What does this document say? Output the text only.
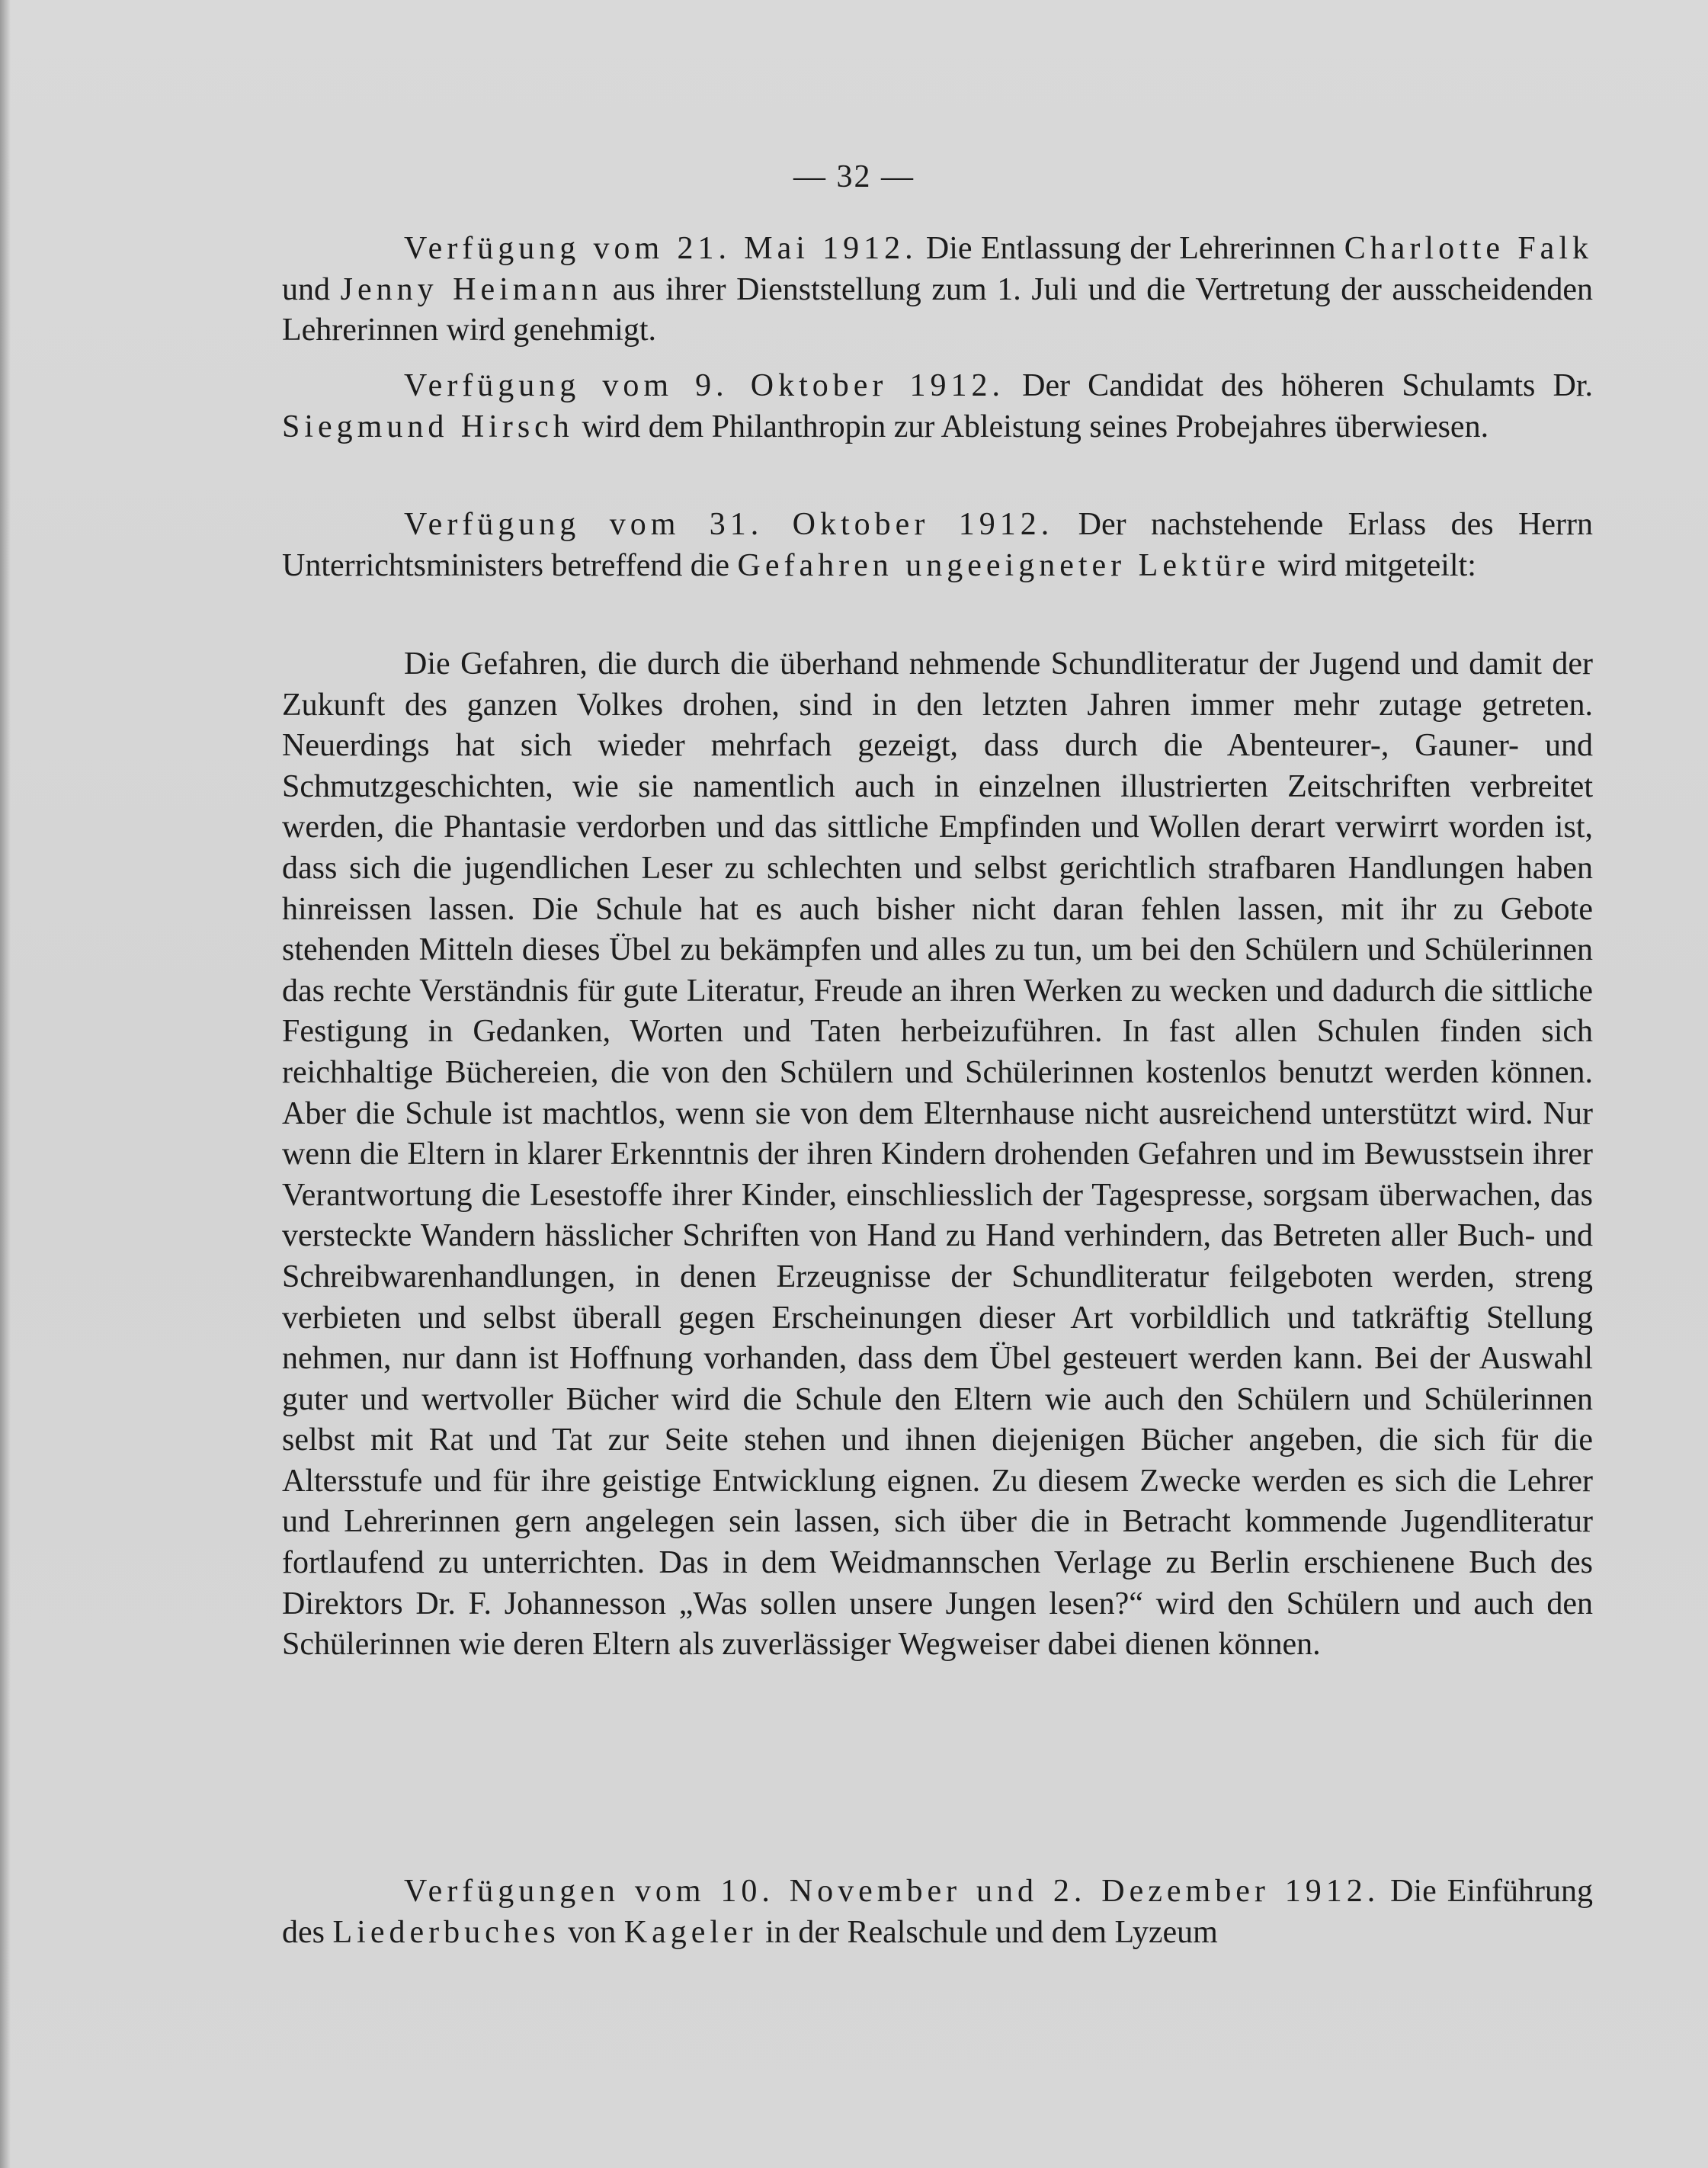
— 32 —

Verfügung vom 21. Mai 1912. Die Entlassung der Lehrerinnen Charlotte Falk und Jenny Heimann aus ihrer Dienststellung zum 1. Juli und die Vertretung der ausscheidenden Lehrerinnen wird genehmigt.

Verfügung vom 9. Oktober 1912. Der Candidat des höheren Schulamts Dr. Siegmund Hirsch wird dem Philanthropin zur Ableistung seines Probejahres überwiesen.

Verfügung vom 31. Oktober 1912. Der nachstehende Erlass des Herrn Unterrichtsministers betreffend die Gefahren ungeeigneter Lektüre wird mitgeteilt:

Die Gefahren, die durch die überhand nehmende Schundliteratur der Jugend und damit der Zukunft des ganzen Volkes drohen, sind in den letzten Jahren immer mehr zutage getreten. Neuerdings hat sich wieder mehrfach gezeigt, dass durch die Abenteurer-, Gauner- und Schmutzgeschichten, wie sie namentlich auch in einzelnen illustrierten Zeitschriften verbreitet werden, die Phantasie verdorben und das sittliche Empfinden und Wollen derart verwirrt worden ist, dass sich die jugendlichen Leser zu schlechten und selbst gerichtlich strafbaren Handlungen haben hinreissen lassen. Die Schule hat es auch bisher nicht daran fehlen lassen, mit ihr zu Gebote stehenden Mitteln dieses Übel zu bekämpfen und alles zu tun, um bei den Schülern und Schülerinnen das rechte Verständnis für gute Literatur, Freude an ihren Werken zu wecken und dadurch die sittliche Festigung in Gedanken, Worten und Taten herbeizuführen. In fast allen Schulen finden sich reichhaltige Büchereien, die von den Schülern und Schülerinnen kostenlos benutzt werden können. Aber die Schule ist machtlos, wenn sie von dem Elternhause nicht ausreichend unterstützt wird. Nur wenn die Eltern in klarer Erkenntnis der ihren Kindern drohenden Gefahren und im Bewusstsein ihrer Verantwortung die Lesestoffe ihrer Kinder, einschliesslich der Tagespresse, sorgsam überwachen, das versteckte Wandern hässlicher Schriften von Hand zu Hand verhindern, das Betreten aller Buch- und Schreibwarenhandlungen, in denen Erzeugnisse der Schundliteratur feilgeboten werden, streng verbieten und selbst überall gegen Erscheinungen dieser Art vorbildlich und tatkräftig Stellung nehmen, nur dann ist Hoffnung vorhanden, dass dem Übel gesteuert werden kann. Bei der Auswahl guter und wertvoller Bücher wird die Schule den Eltern wie auch den Schülern und Schülerinnen selbst mit Rat und Tat zur Seite stehen und ihnen diejenigen Bücher angeben, die sich für die Altersstufe und für ihre geistige Entwicklung eignen. Zu diesem Zwecke werden es sich die Lehrer und Lehrerinnen gern angelegen sein lassen, sich über die in Betracht kommende Jugendliteratur fortlaufend zu unterrichten. Das in dem Weidmannschen Verlage zu Berlin erschienene Buch des Direktors Dr. F. Johannesson „Was sollen unsere Jungen lesen?“ wird den Schülern und auch den Schülerinnen wie deren Eltern als zuverlässiger Wegweiser dabei dienen können.

Verfügungen vom 10. November und 2. Dezember 1912. Die Einführung des Liederbuches von Kageler in der Realschule und dem Lyzeum
